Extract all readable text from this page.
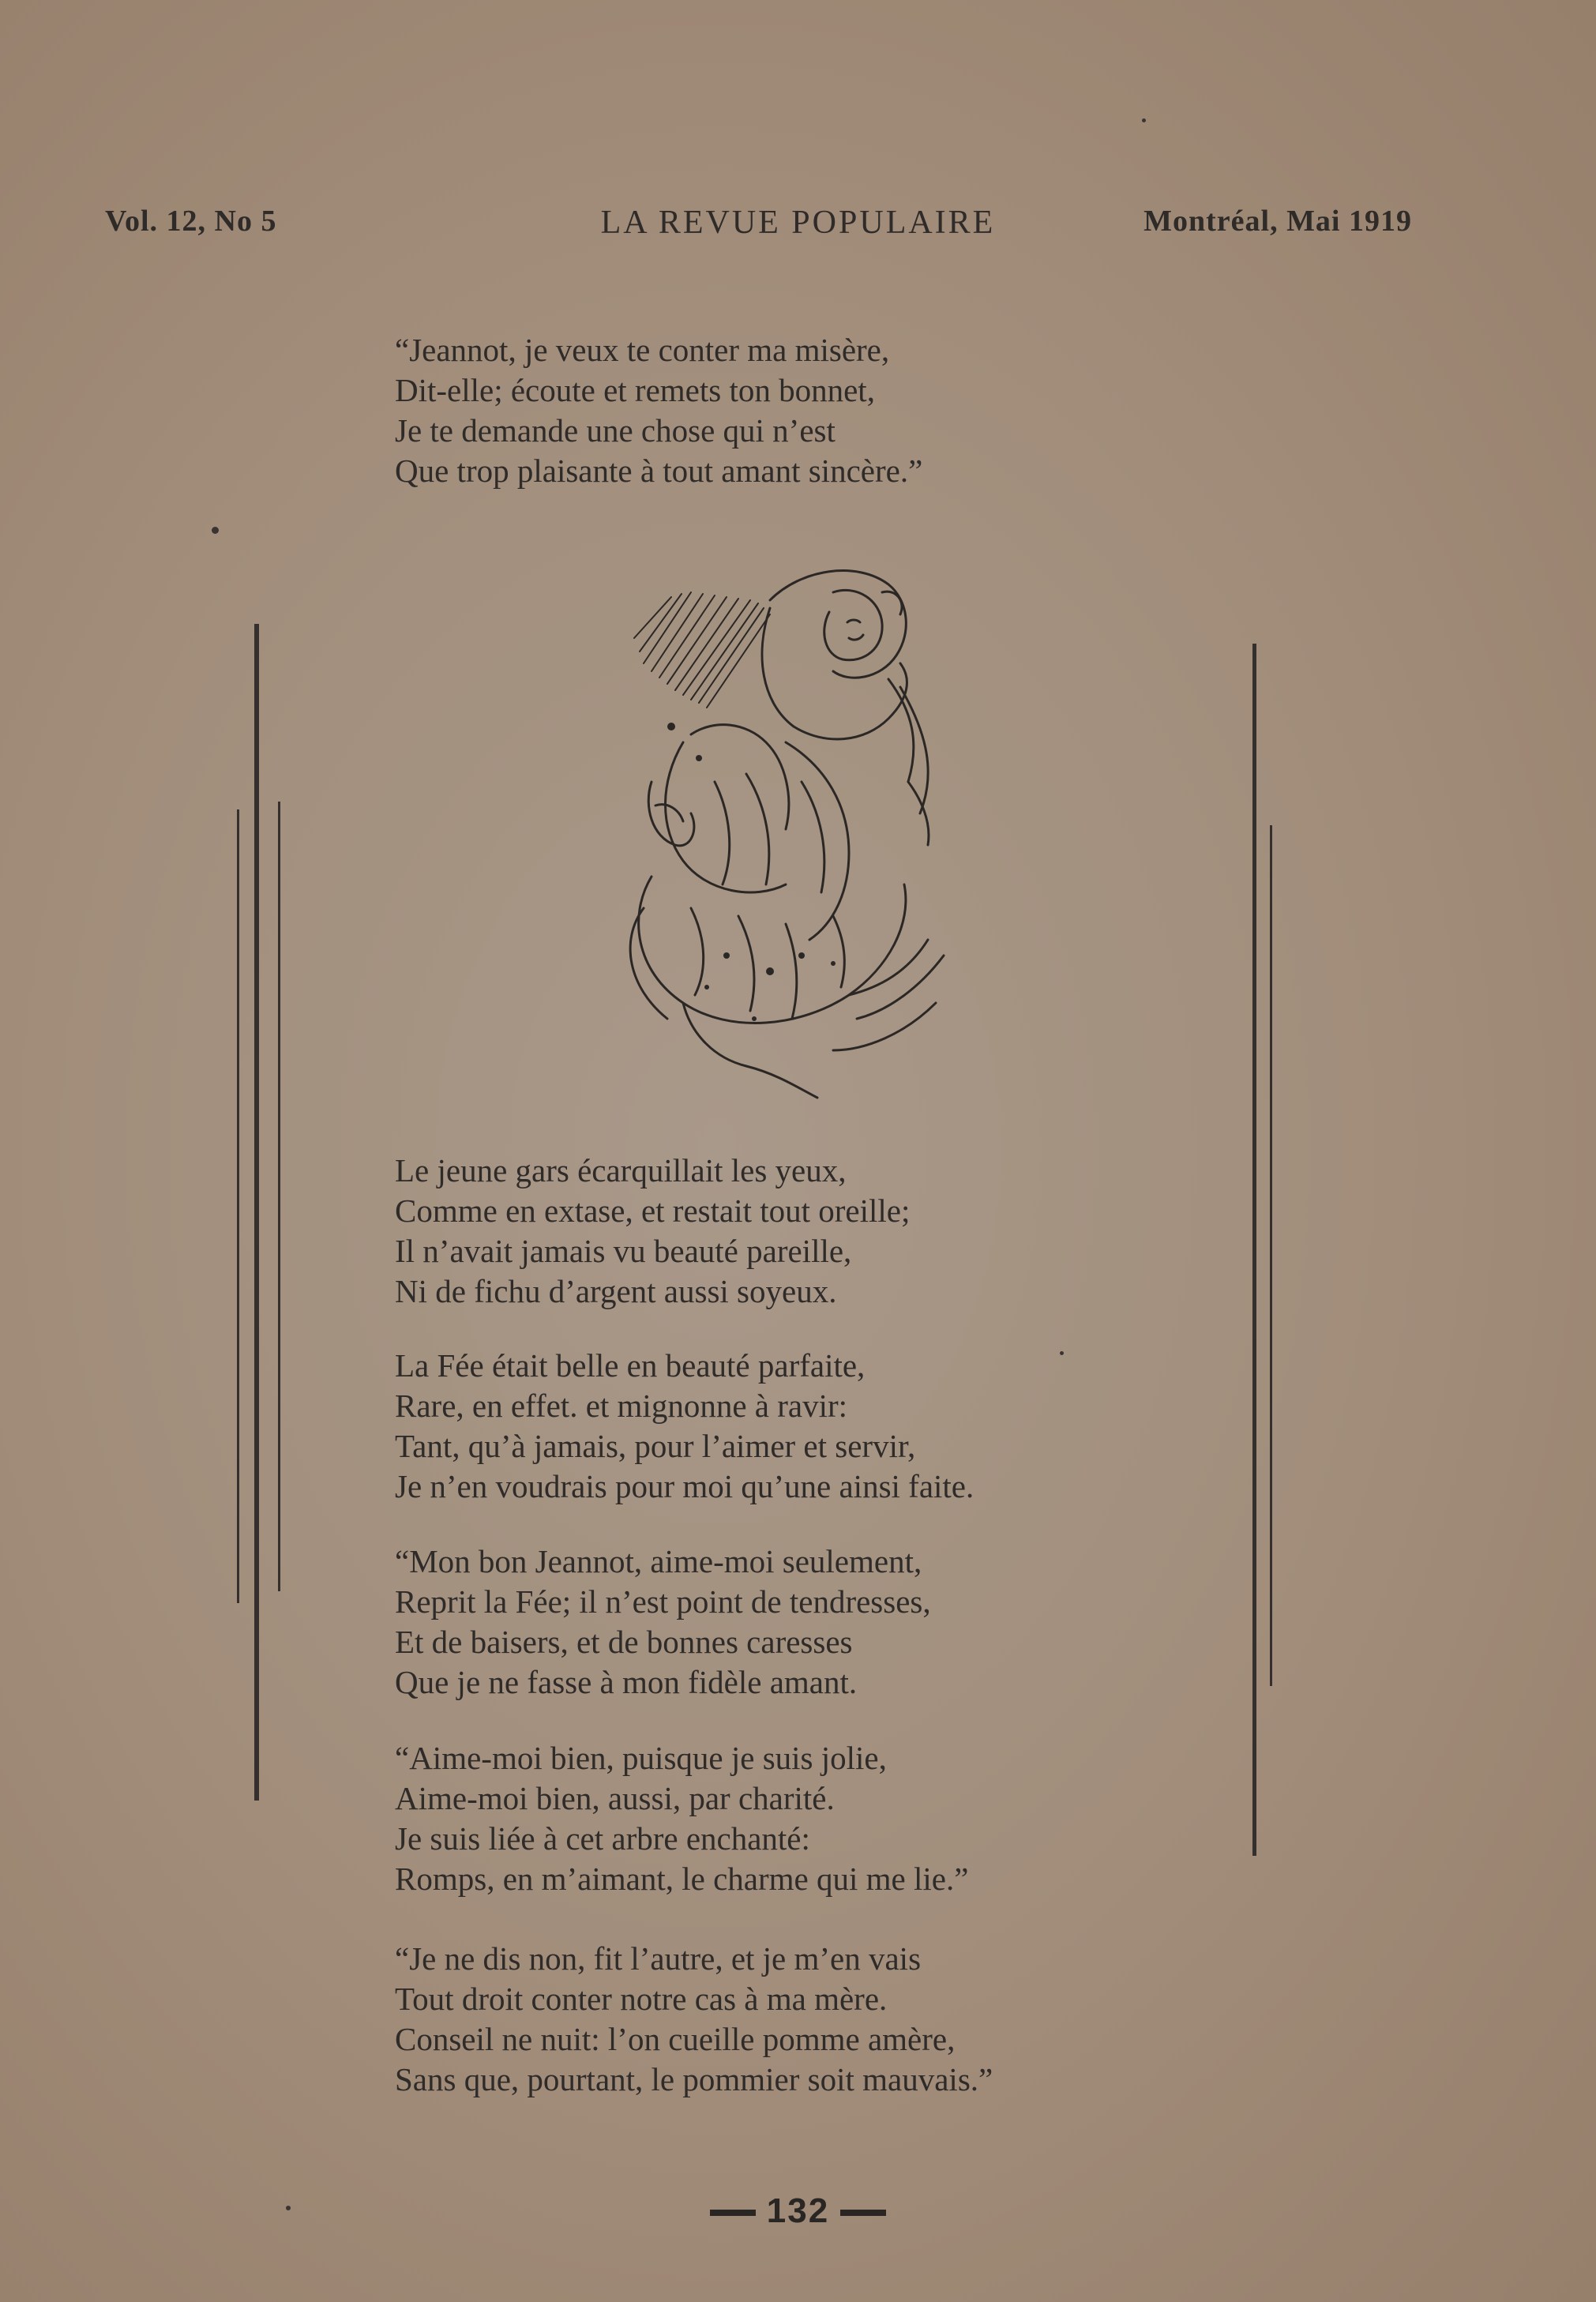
Vol. 12, No 5	LA REVUE POPULAIRE	Montréal, Mai 1919
“Jeannot, je veux te conter ma misère,
Dit-elle; écoute et remets ton bonnet,
Je te demande une chose qui n’est
Que trop plaisante à tout amant sincère.”
Le jeune gars écarquillait les yeux,
Comme en extase, et restait tout oreille;
Il n’avait jamais vu beauté pareille,
Ni de fichu d’argent aussi soyeux.
La Fée était belle en beauté parfaite,
Rare, en effet. et mignonne à ravir:
Tant, qu’à jamais, pour l’aimer et servir,
Je n’en voudrais pour moi qu’une ainsi faite.
“Mon bon Jeannot, aime-moi seulement,
Reprit la Fée; il n’est point de tendresses,
Et de baisers, et de bonnes caresses
Que je ne fasse à mon fidèle amant.
“Aime-moi bien, puisque je suis jolie,
Aime-moi bien, aussi, par charité.
Je suis liée à cet arbre enchanté:
Romps, en m’aimant, le charme qui me lie.”
“Je ne dis non, fit l’autre, et je m’en vais
Tout droit conter notre cas à ma mère.
Conseil ne nuit: l’on cueille pomme amère,
Sans que, pourtant, le pommier soit mauvais.”
132
